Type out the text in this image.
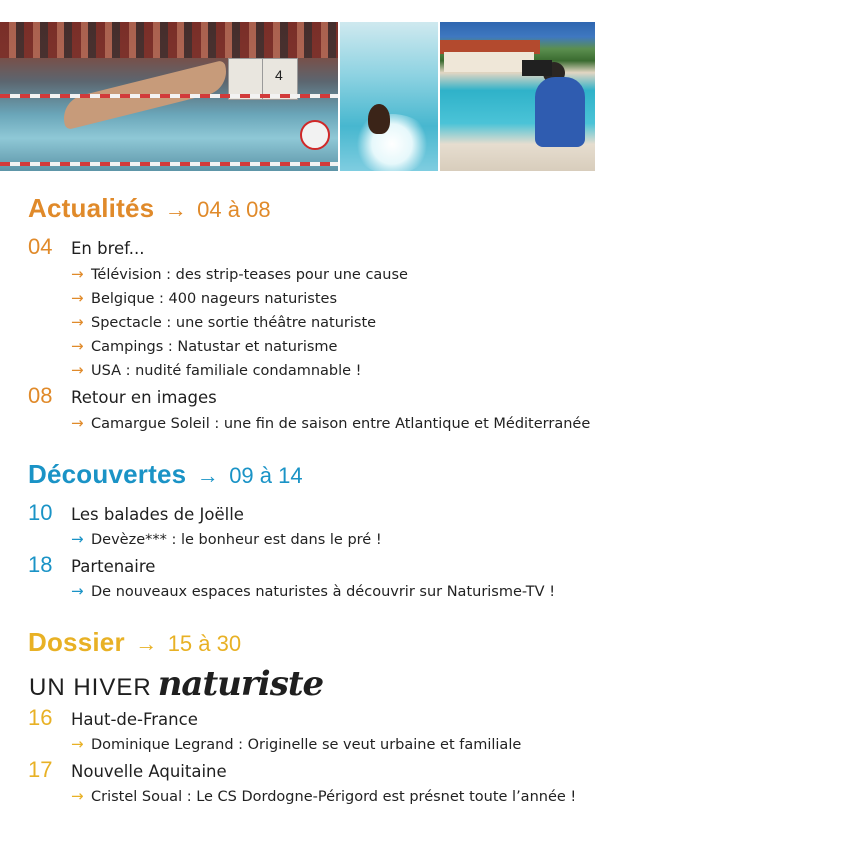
4
Actualités → 04 à 08
04 En bref...
→ Télévision : des strip-teases pour une cause
→ Belgique : 400 nageurs naturistes
→ Spectacle : une sortie théâtre naturiste
→ Campings : Natustar et naturisme
→ USA : nudité familiale condamnable !
08 Retour en images
→ Camargue Soleil : une fin de saison entre Atlantique et Méditerranée
Découvertes → 09 à 14
10 Les balades de Joëlle
→ Devèze*** : le bonheur est dans le pré !
18 Partenaire
→ De nouveaux espaces naturistes à découvrir sur Naturisme-TV !
Dossier → 15 à 30
UN HIVER naturiste
16 Haut-de-France
→ Dominique Legrand : Originelle se veut urbaine et familiale
17 Nouvelle Aquitaine
→ Cristel Soual : Le CS Dordogne-Périgord est présnet toute l’année !
